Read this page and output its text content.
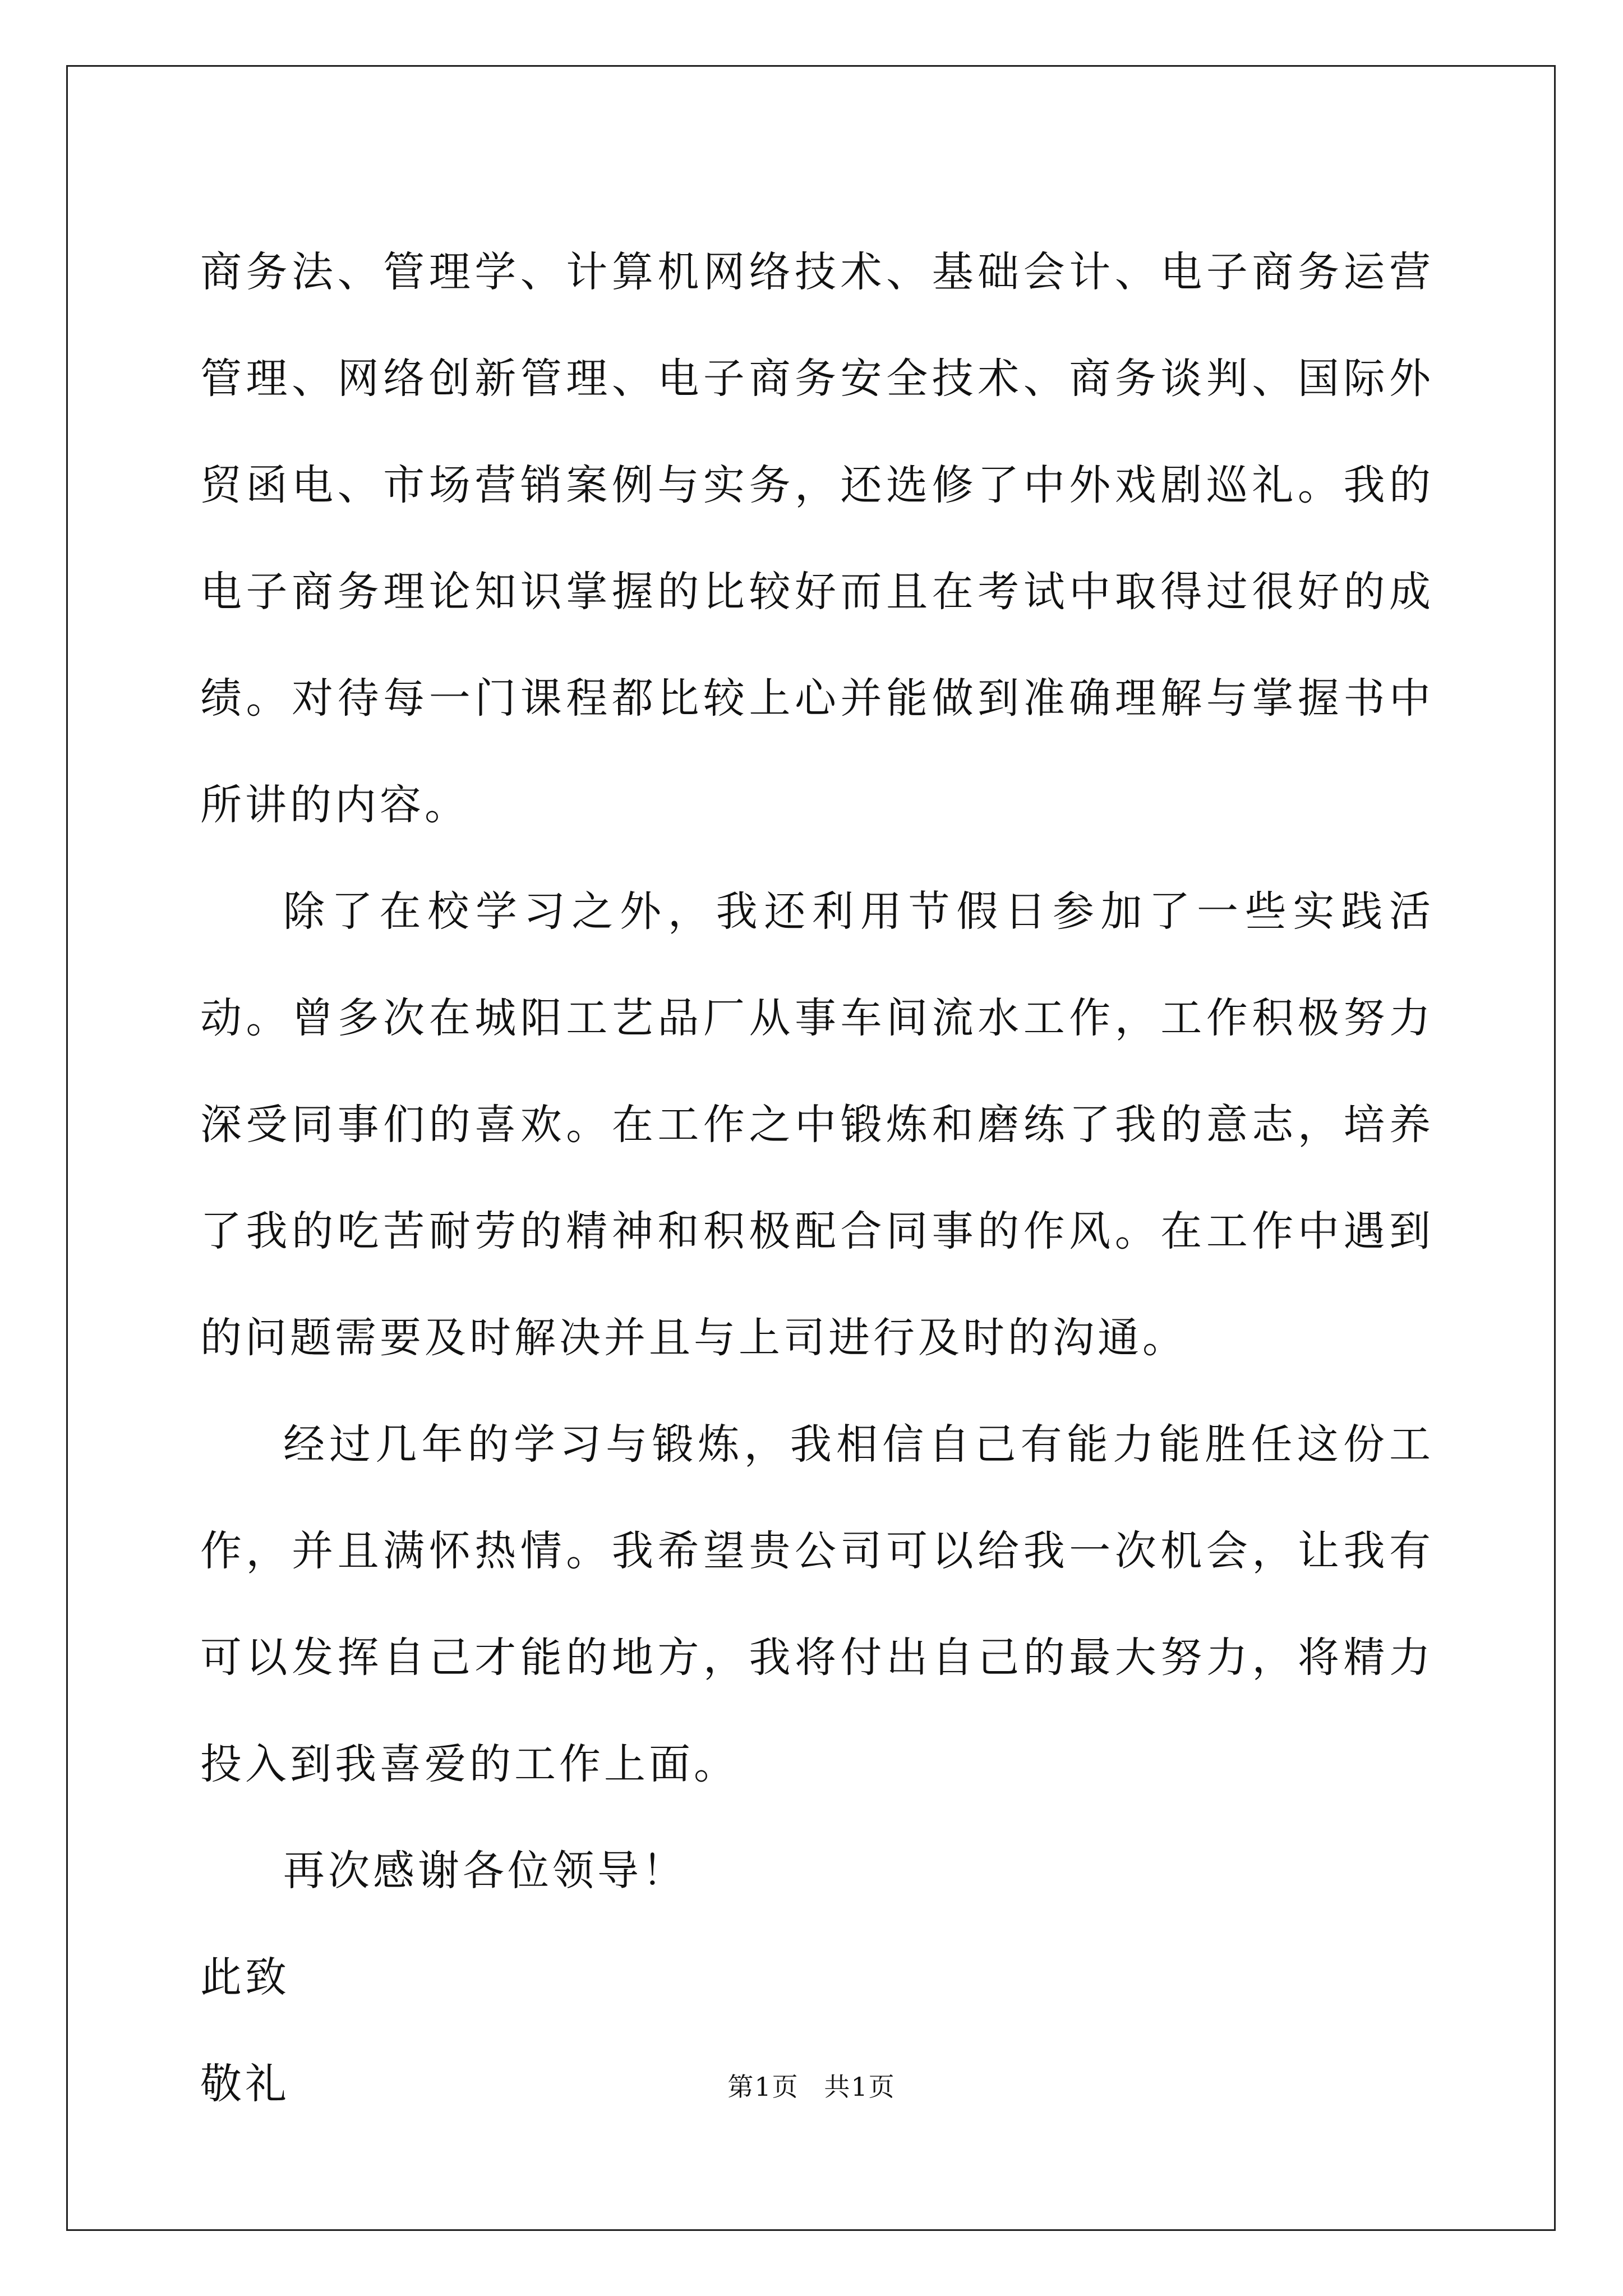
商务法、管理学、计算机网络技术、基础会计、电子商务运营管理、网络创新管理、电子商务安全技术、商务谈判、国际外贸函电、市场营销案例与实务，还选修了中外戏剧巡礼。我的电子商务理论知识掌握的比较好而且在考试中取得过很好的成绩。对待每一门课程都比较上心并能做到准确理解与掌握书中所讲的内容。

除了在校学习之外，我还利用节假日参加了一些实践活动。曾多次在城阳工艺品厂从事车间流水工作，工作积极努力深受同事们的喜欢。在工作之中锻炼和磨练了我的意志，培养了我的吃苦耐劳的精神和积极配合同事的作风。在工作中遇到的问题需要及时解决并且与上司进行及时的沟通。

经过几年的学习与锻炼，我相信自己有能力能胜任这份工作，并且满怀热情。我希望贵公司可以给我一次机会，让我有可以发挥自己才能的地方，我将付出自己的最大努力，将精力投入到我喜爱的工作上面。

再次感谢各位领导！

此致

敬礼	第1页 共1页
